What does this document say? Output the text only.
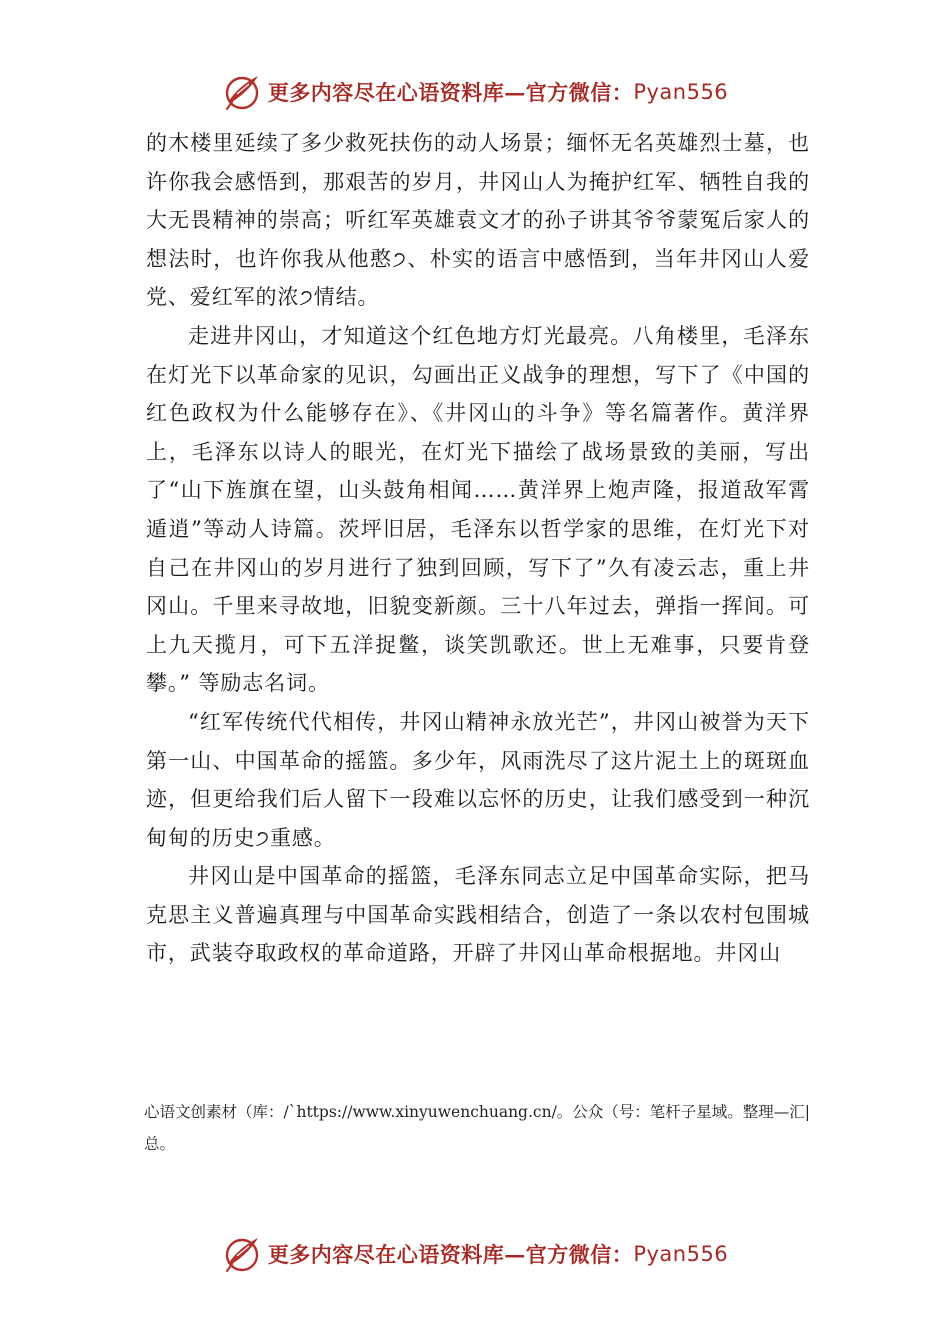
更多内容尽在心语资料库—官方微信： Pyan556

的木楼里延续了多少救死扶伤的动人场景；缅怀无名英雄烈士墓，也许你我会感悟到，那艰苦的岁月，井冈山人为掩护红军、牺牲自我的大无畏精神的崇高；听红军英雄袁文才的孙子讲其爷爷蒙冤后家人的想法时，也许你我从他憨੭、朴实的语言中感悟到，当年井冈山人爱党、爱红军的浓੭情结。

走进井冈山，才知道这个红色地方灯光最亮。八角楼里，毛泽东在灯光下以革命家的见识，勾画出正义战争的理想，写下了《中国的红色政权为什么能够存在》、《井冈山的斗争》等名篇著作。黄洋界上，毛泽东以诗人的眼光，在灯光下描绘了战场景致的美丽，写出了“山下旌旗在望，山头鼓角相闻……黄洋界上炮声隆，报道敌军霄遁逍”等动人诗篇。茨坪旧居，毛泽东以哲学家的思维，在灯光下对自己在井冈山的岁月进行了独到回顾，写下了”久有凌云志，重上井冈山。千里来寻故地，旧貌变新颜。三十八年过去，弹指一挥间。可上九天揽月，可下五洋捉鳖，谈笑凯歌还。世上无难事，只要肯登攀。” 等励志名词。

“红军传统代代相传，井冈山精神永放光芒”，井冈山被誉为天下第一山、中国革命的摇篮。多少年，风雨洗尽了这片泥土上的斑斑血迹，但更给我们后人留下一段难以忘怀的历史，让我们感受到一种沉甸甸的历史੭重感。

井冈山是中国革命的摇篮，毛泽东同志立足中国革命实际，把马克思主义普遍真理与中国革命实践相结合，创造了一条以农村包围城市，武装夺取政权的革命道路，开辟了井冈山革命根据地。井冈山

心语文创素材（库：/`https://www.xinyuwenchuang.cn/。公众（号：笔杆子星域。整理—汇|总。
更多内容尽在心语资料库—官方微信： Pyan556
